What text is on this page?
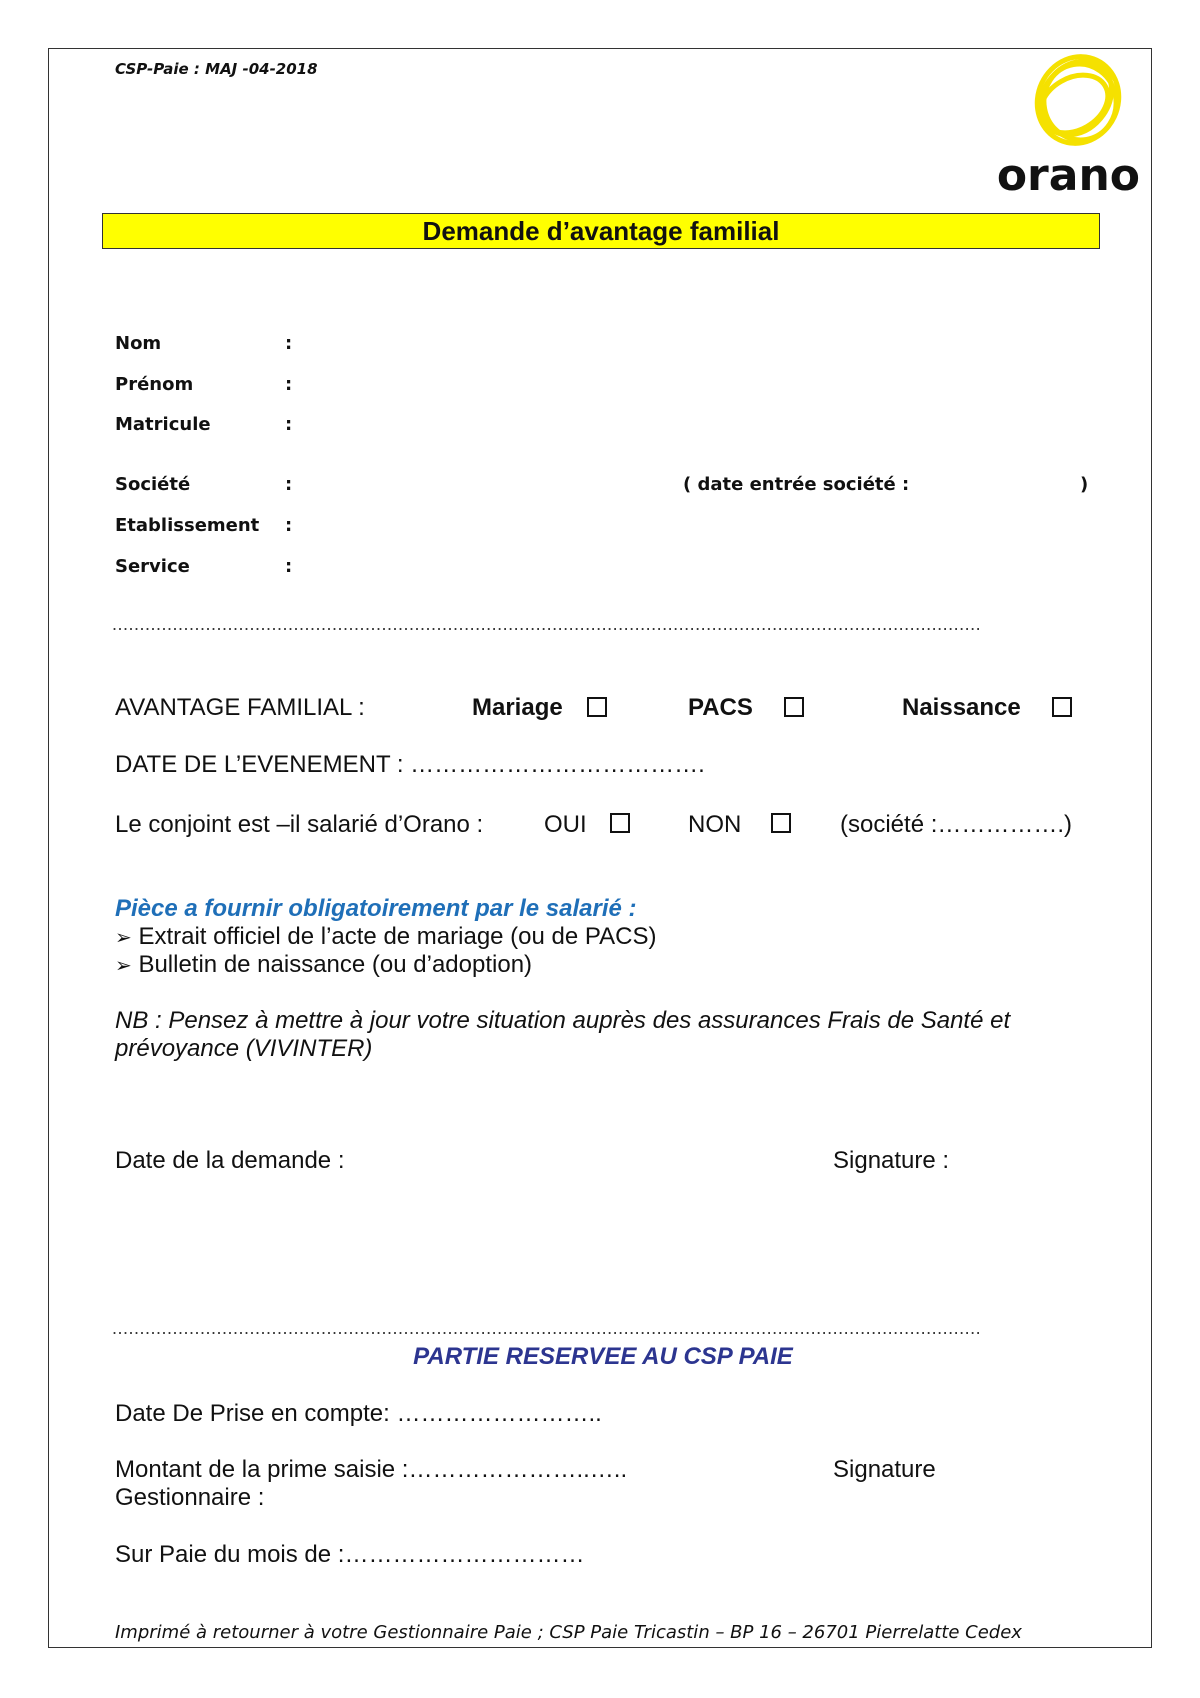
CSP-Paie : MAJ -04-2018
orano
Demande d’avantage familial
Nom	:
Prénom	:
Matricule	:
Société	:	( date entrée société :	)
Etablissement :
Service	:
..............................................................................................................................................................
AVANTAGE FAMILIAL :	Mariage	PACS	Naissance
DATE DE L’EVENEMENT : ……………………………….
Le conjoint est –il salarié d’Orano :	OUI	NON	(société :…………….)
Pièce a fournir obligatoirement par le salarié :
➢ Extrait officiel de l’acte de mariage (ou de PACS)
➢ Bulletin de naissance (ou d’adoption)
NB : Pensez à mettre à jour votre situation auprès des assurances Frais de Santé et
prévoyance (VIVINTER)
Date de la demande :	Signature :
..............................................................................................................................................................
PARTIE RESERVEE AU CSP PAIE
Date De Prise en compte: ……………………..
Montant de la prime saisie :…………………..…..	Signature
Gestionnaire :
Sur Paie du mois de :…………………………
Imprimé à retourner à votre Gestionnaire Paie ; CSP Paie Tricastin – BP 16 – 26701 Pierrelatte Cedex
